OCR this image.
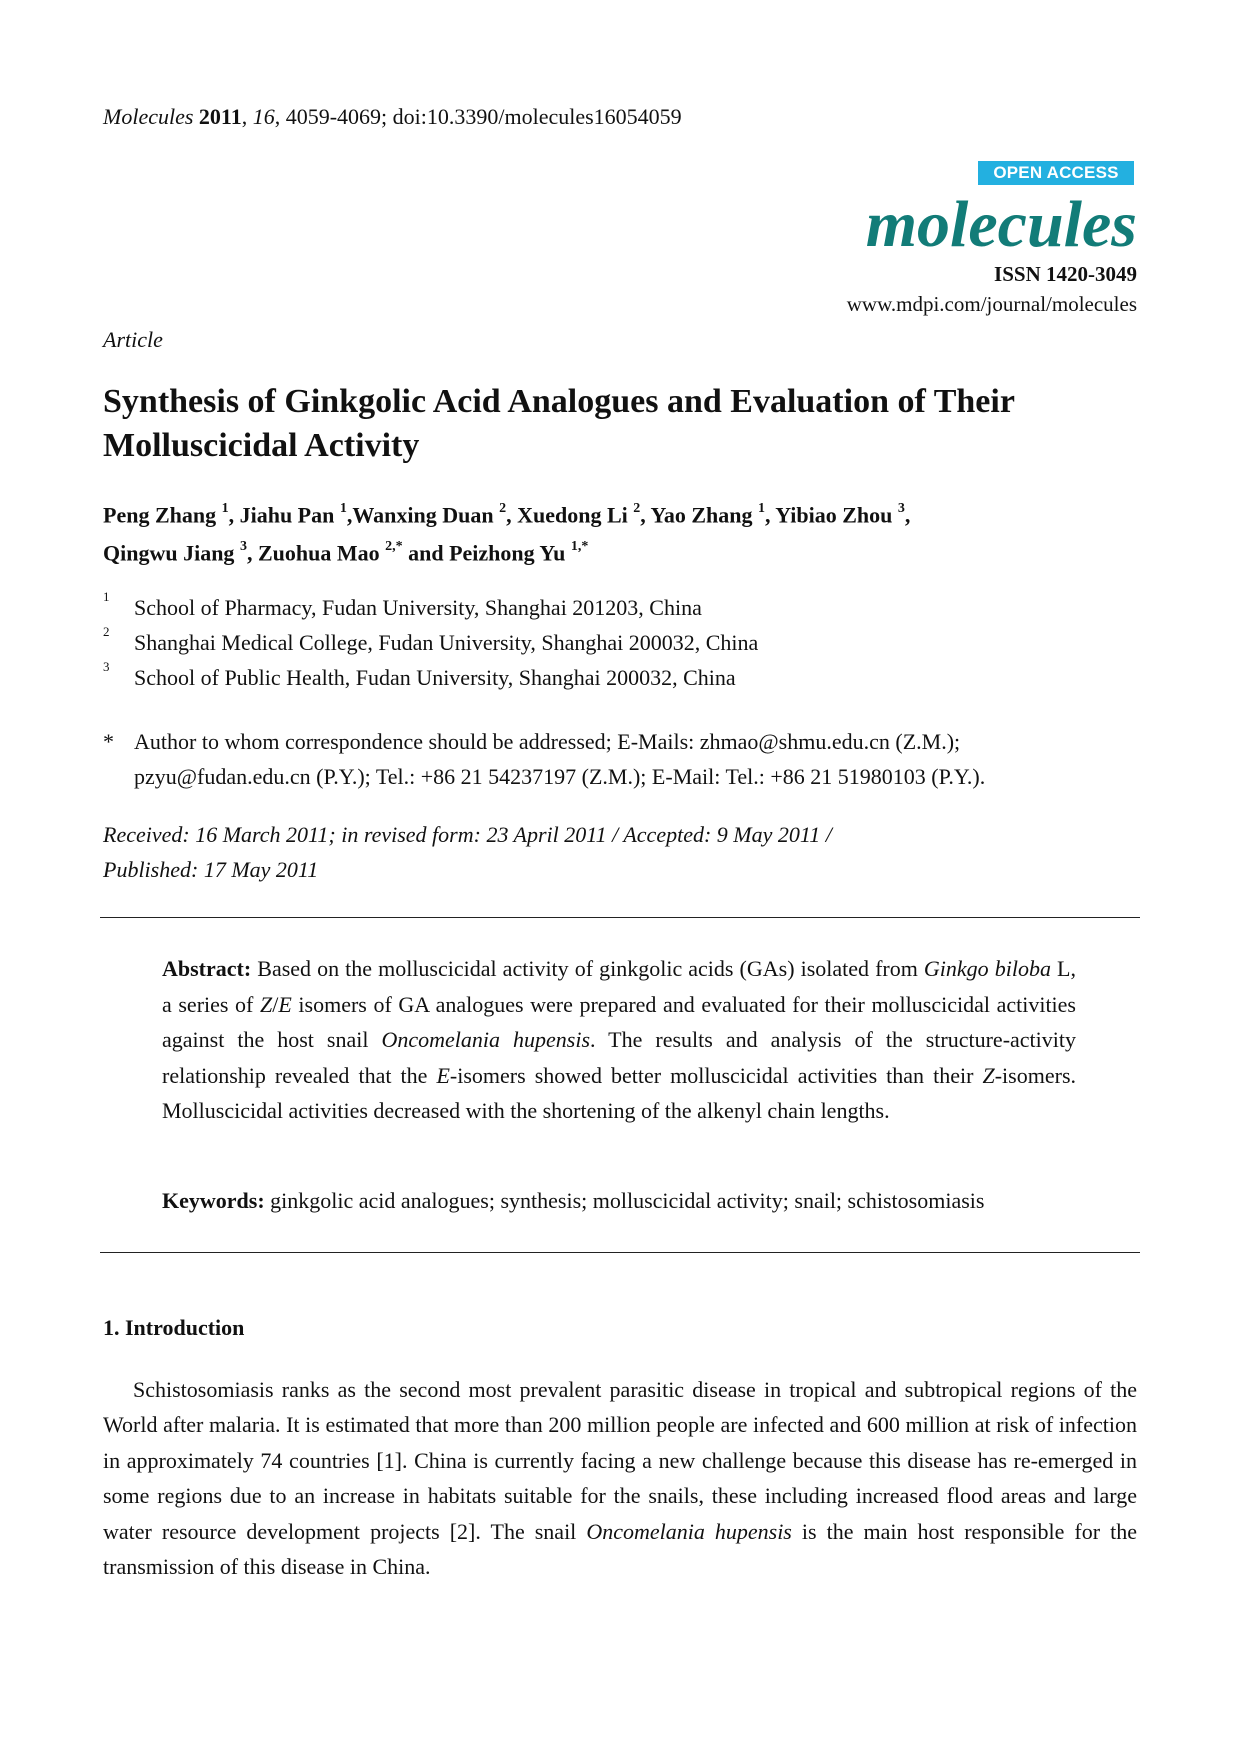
Molecules 2011, 16, 4059-4069; doi:10.3390/molecules16054059
OPEN ACCESS
molecules
ISSN 1420-3049
www.mdpi.com/journal/molecules
Article
Synthesis of Ginkgolic Acid Analogues and Evaluation of Their
Molluscicidal Activity
Peng Zhang $^1$, Jiahu Pan $^1$,Wanxing Duan $^2$, Xuedong Li $^2$, Yao Zhang $^1$, Yibiao Zhou $^3$,
Qingwu Jiang $^3$, Zuohua Mao $^{2,*}$ and Peizhong Yu $^{1,*}$
1 School of Pharmacy, Fudan University, Shanghai 201203, China
2 Shanghai Medical College, Fudan University, Shanghai 200032, China
3 School of Public Health, Fudan University, Shanghai 200032, China
* Author to whom correspondence should be addressed; E-Mails: zhmao@shmu.edu.cn (Z.M.);
pzyu@fudan.edu.cn (P.Y.); Tel.: +86 21 54237197 (Z.M.); E-Mail: Tel.: +86 21 51980103 (P.Y.).
Received: 16 March 2011; in revised form: 23 April 2011 / Accepted: 9 May 2011 /
Published: 17 May 2011
Abstract: Based on the molluscicidal activity of ginkgolic acids (GAs) isolated from Ginkgo biloba L, a series of Z/E isomers of GA analogues were prepared and evaluated for their molluscicidal activities against the host snail Oncomelania hupensis. The results and analysis of the structure-activity relationship revealed that the E-isomers showed better molluscicidal activities than their Z-isomers. Molluscicidal activities decreased with the shortening of the alkenyl chain lengths.
Keywords: ginkgolic acid analogues; synthesis; molluscicidal activity; snail; schistosomiasis
1. Introduction
Schistosomiasis ranks as the second most prevalent parasitic disease in tropical and subtropical regions of the World after malaria. It is estimated that more than 200 million people are infected and 600 million at risk of infection in approximately 74 countries [1]. China is currently facing a new challenge because this disease has re-emerged in some regions due to an increase in habitats suitable for the snails, these including increased flood areas and large water resource development projects [2]. The snail Oncomelania hupensis is the main host responsible for the transmission of this disease in China.
